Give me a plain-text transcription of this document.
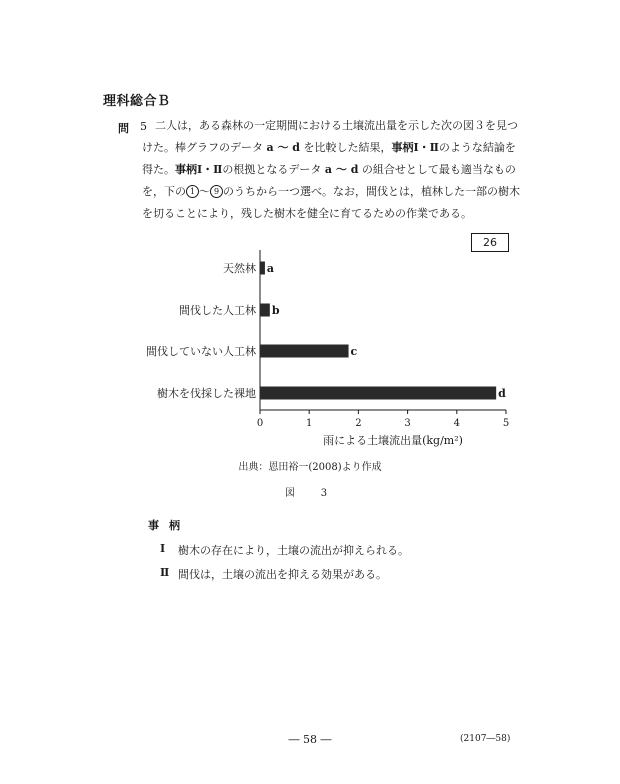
理科総合Ｂ
問 5 二人は，ある森林の一定期間における土壌流出量を示した次の図３を見つ
けた。棒グラフのデータ a ～ d を比較した結果，事柄Ⅰ・Ⅱのような結論を
得た。事柄Ⅰ・Ⅱの根拠となるデータ a ～ d の組合せとして最も適当なもの
を，下の 1 ～ 9 のうちから一つ選べ。なお，間伐とは，植林した一部の樹木
を切ることにより，残した樹木を健全に育てるための作業である。
26
0	1	2	3	4	5
天然林 a
間伐した人工林 b
間伐していない人工林	c
樹木を伐採した裸地	d
雨による土壌流出量(kg/m²)
出典：恩田裕一(2008)より作成
図　3
事柄
Ⅰ 樹木の存在により，土壌の流出が抑えられる。
Ⅱ 間伐は，土壌の流出を抑える効果がある。
― 58 ―	(2107―58)
